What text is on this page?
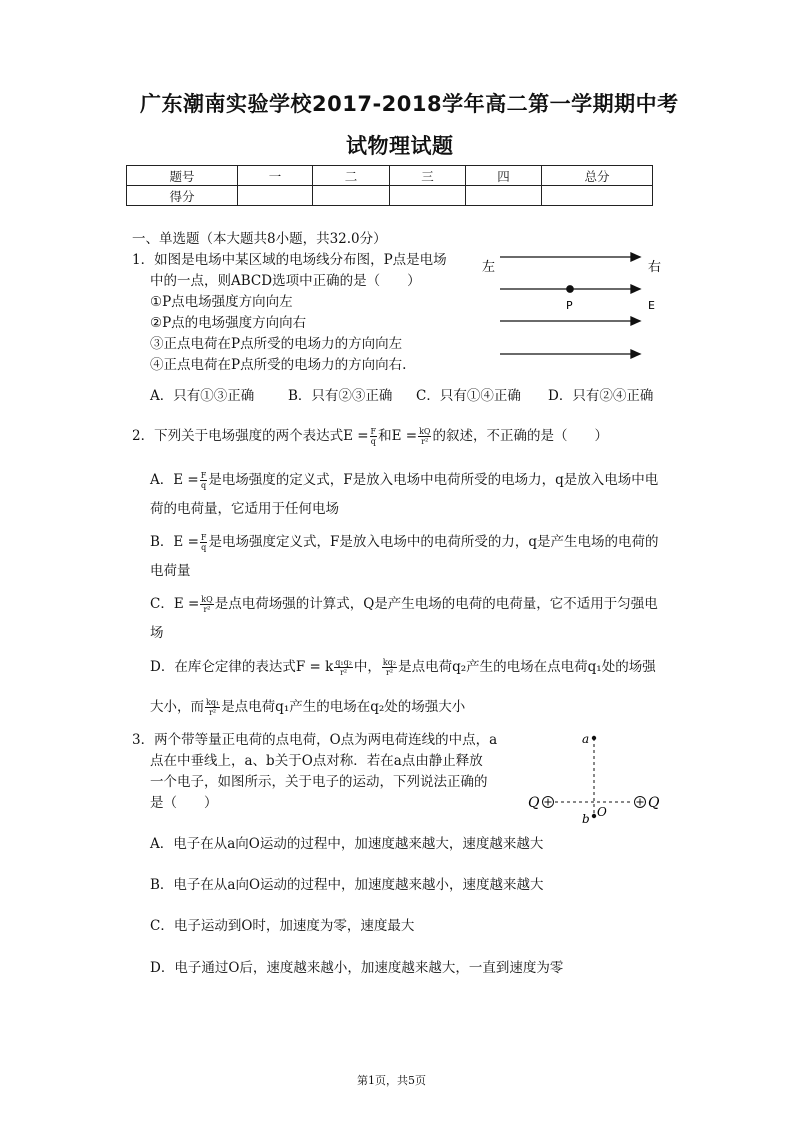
广东潮南实验学校2017-2018学年高二第一学期期中考
试物理试题
题号	一	二	三	四	总分
得分					
一、单选题（本大题共8小题，共32.0分）
1．如图是电场中某区域的电场线分布图，P点是电场
中的一点，则ABCD选项中正确的是（　　）
①P点电场强度方向向左
②P点的电场强度方向向右
③正点电荷在P点所受的电场力的方向向左
④正点电荷在P点所受的电场力的方向向右.
左	右
P	E
A．只有①③正确	B．只有②③正确 C．只有①④正确 D．只有②④正确
2．下列关于电场强度的两个表达式$E = \frac{F}{q}$ 和$E = \frac{kQ}{\text{r²}}$ 的叙述，不正确的是（　　）
A．$E = \frac{F}{q}$ 是电场强度的定义式，F是放入电场中电荷所受的电场力，q是放入电场中电
荷的电荷量，它适用于任何电场
B．$E = \frac{F}{q}$ 是电场强度定义式，F是放入电场中的电荷所受的力，q是产生电场的电荷的
电荷量
C．$E = \frac{kQ}{\text{r²}}$ 是点电荷场强的计算式，Q是产生电场的电荷的电荷量，它不适用于匀强电
场
D．在库仑定律的表达式F = k $\frac{\text{q₁q₂}}{\text{r²}}$ 中， $\frac{\text{kq₂}}{\text{r²}}$ 是点电荷q₂产生的电场在点电荷q₁处的场强
大小，而 $\frac{\text{kq₁}}{\text{r²}}$ 是点电荷q₁产生的电场在q₂处的场强大小
3．两个带等量正电荷的点电荷，O点为两电荷连线的中点，a
点在中垂线上，a、b关于O点对称．若在a点由静止释放
一个电子，如图所示，关于电子的运动，下列说法正确的
是（　　）	Q	Q
a
b O
A．电子在从a向O运动的过程中，加速度越来越大，速度越来越大
B．电子在从a向O运动的过程中，加速度越来越小，速度越来越大
C．电子运动到O时，加速度为零，速度最大
D．电子通过O后，速度越来越小，加速度越来越大，一直到速度为零
第1页，共5页
